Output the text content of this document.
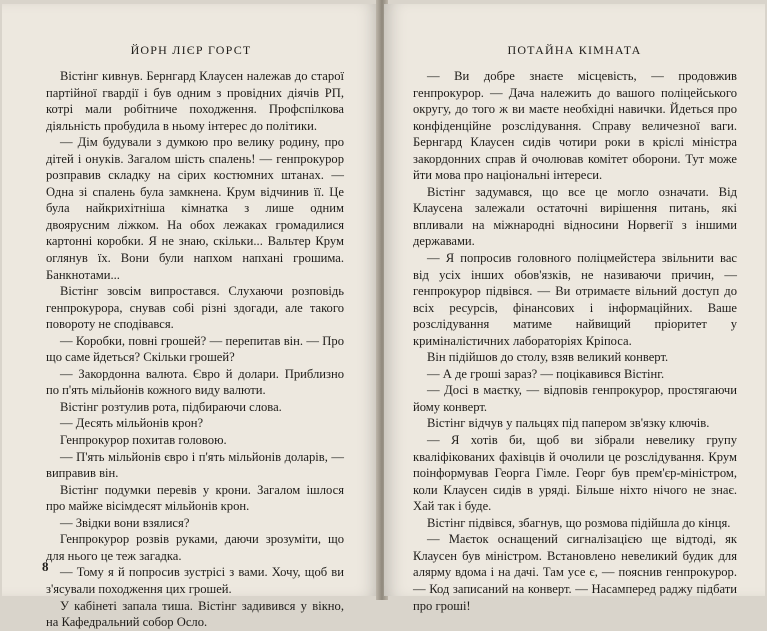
ЙОРН ЛІЄР ГОРСТ

Вістінг кивнув. Бернгард Клаусен належав до старої партійної гвардії і був одним з провідних діячів РП, котрі мали робітниче походження. Профспілкова діяльність пробудила в ньому інтерес до політики.

— Дім будували з думкою про велику родину, про дітей і онуків. Загалом шість спалень! — генпрокурор розправив складку на сірих костюмних штанах. — Одна зі спалень була замкнена. Крум відчинив її. Це була найкрихітніша кімнатка з лише одним двоярусним ліжком. На обох лежаках громадилися картонні коробки. Я не знаю, скільки... Вальтер Крум оглянув їх. Вони були напхом напхані грошима. Банкнотами...

Вістінг зовсім випростався. Слухаючи розповідь генпрокурора, снував собі різні здогади, але такого повороту не сподівався.

— Коробки, повні грошей? — перепитав він. — Про що саме йдеться? Скільки грошей?

— Закордонна валюта. Євро й долари. Приблизно по п'ять мільйонів кожного виду валюти.

Вістінг розтулив рота, підбираючи слова.

— Десять мільйонів крон?

Генпрокурор похитав головою.

— П'ять мільйонів євро і п'ять мільйонів доларів, — виправив він.

Вістінг подумки перевів у крони. Загалом ішлося про майже вісімдесят мільйонів крон.

— Звідки вони взялися?

Генпрокурор розвів руками, даючи зрозуміти, що для нього це теж загадка.

— Тому я й попросив зустрісі з вами. Хочу, щоб ви з'ясували походження цих грошей.

У кабінеті запала тиша. Вістінг задивився у вікно, на Кафедральний собор Осло.

8
ПОТАЙНА КІМНАТА

— Ви добре знаєте місцевість, — продовжив генпрокурор. — Дача належить до вашого поліцейського округу, до того ж ви маєте необхідні навички. Йдеться про конфіденційне розслідування. Справу величезної ваги. Бернгард Клаусен сидів чотири роки в кріслі міністра закордонних справ й очолював комітет оборони. Тут може йти мова про національні інтереси.

Вістінг задумався, що все це могло означати. Від Клаусена залежали остаточні вирішення питань, які впливали на міжнародні відносини Норвегії з іншими державами.

— Я попросив головного поліцмейстера звільнити вас від усіх інших обов'язків, не називаючи причин, — генпрокурор підвівся. — Ви отримаєте вільний доступ до всіх ресурсів, фінансових і інформаційних. Ваше розслідування матиме найвищий пріоритет у криміналістичних лабораторіях Кріпоса.

Він підійшов до столу, взяв великий конверт.

— А де гроші зараз? — поцікавився Вістінг.

— Досі в маєтку, — відповів генпрокурор, простягаючи йому конверт.

Вістінг відчув у пальцях під папером зв'язку ключів.

— Я хотів би, щоб ви зібрали невелику групу кваліфікованих фахівців й очолили це розслідування. Крум поінформував Георга Гімле. Георг був прем'єр-міністром, коли Клаусен сидів в уряді. Більше ніхто нічого не знає. Хай так і буде.

Вістінг підвівся, збагнув, що розмова підійшла до кінця.

— Маєток оснащений сигналізацією ще відтоді, як Клаусен був міністром. Встановлено невеликий будик для алярму вдома і на дачі. Там усе є, — пояснив генпрокурор. — Код записаний на конверт. — Насамперед раджу підбати про гроші!
